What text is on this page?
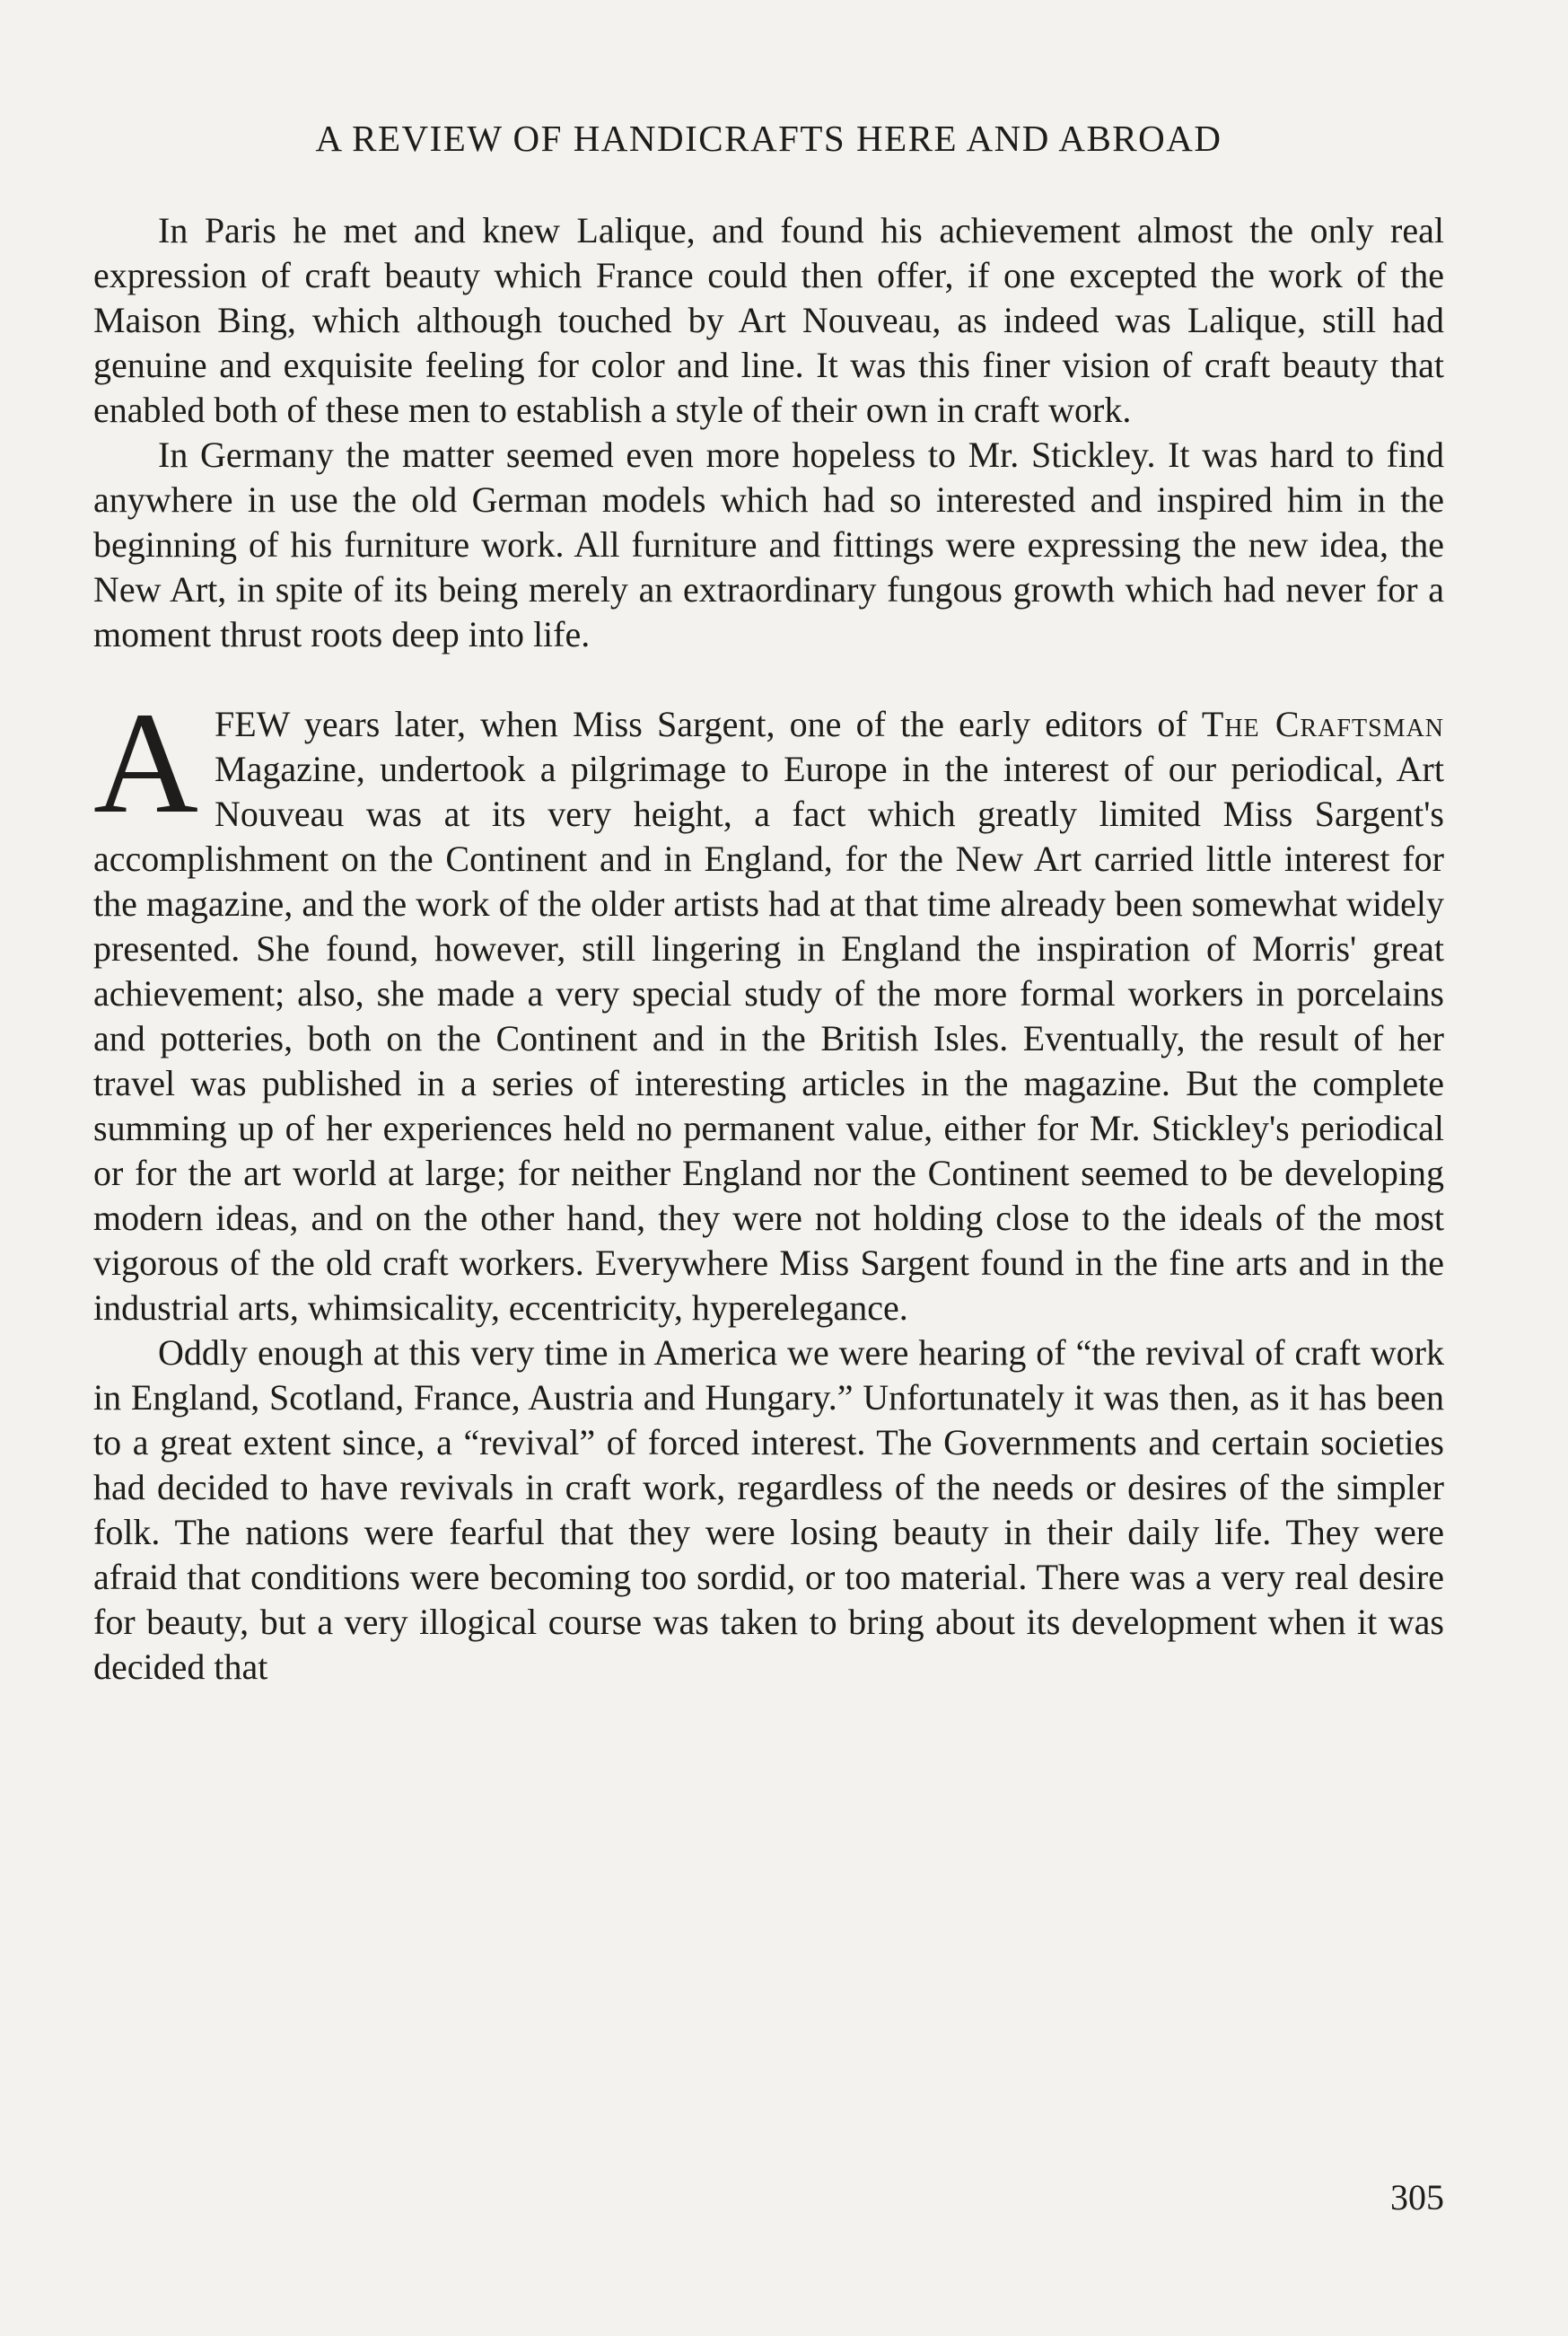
A REVIEW OF HANDICRAFTS HERE AND ABROAD

In Paris he met and knew Lalique, and found his achievement almost the only real expression of craft beauty which France could then offer, if one excepted the work of the Maison Bing, which although touched by Art Nouveau, as indeed was Lalique, still had genuine and exquisite feeling for color and line. It was this finer vision of craft beauty that enabled both of these men to establish a style of their own in craft work.

In Germany the matter seemed even more hopeless to Mr. Stickley. It was hard to find anywhere in use the old German models which had so interested and inspired him in the beginning of his furniture work. All furniture and fittings were expressing the new idea, the New Art, in spite of its being merely an extraordinary fungous growth which had never for a moment thrust roots deep into life.

AFEW years later, when Miss Sargent, one of the early editors of The Craftsman Magazine, undertook a pilgrimage to Europe in the interest of our periodical, Art Nouveau was at its very height, a fact which greatly limited Miss Sargent's accomplishment on the Continent and in England, for the New Art carried little interest for the magazine, and the work of the older artists had at that time already been somewhat widely presented. She found, however, still lingering in England the inspiration of Morris' great achievement; also, she made a very special study of the more formal workers in porcelains and potteries, both on the Continent and in the British Isles. Eventually, the result of her travel was published in a series of interesting articles in the magazine. But the complete summing up of her experiences held no permanent value, either for Mr. Stickley's periodical or for the art world at large; for neither England nor the Continent seemed to be developing modern ideas, and on the other hand, they were not holding close to the ideals of the most vigorous of the old craft workers. Everywhere Miss Sargent found in the fine arts and in the industrial arts, whimsicality, eccentricity, hyperelegance.

Oddly enough at this very time in America we were hearing of “the revival of craft work in England, Scotland, France, Austria and Hungary.” Unfortunately it was then, as it has been to a great extent since, a “revival” of forced interest. The Governments and certain societies had decided to have revivals in craft work, regardless of the needs or desires of the simpler folk. The nations were fearful that they were losing beauty in their daily life. They were afraid that conditions were becoming too sordid, or too material. There was a very real desire for beauty, but a very illogical course was taken to bring about its development when it was decided that

305
